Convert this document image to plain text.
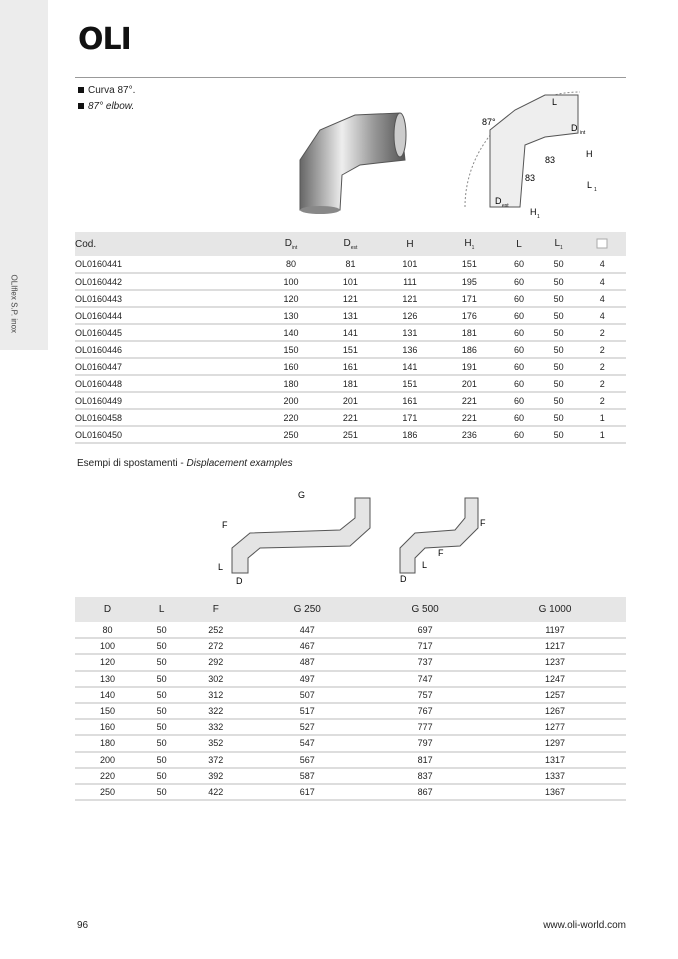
OLIflex S.P. inox
OLI
Curva 87°.
87° elbow.
87°
L
D int
H
83
83
L 1
D est
H 1
Cod.	$D_{int}$	$D_{est}$	H	$H_1$	L	$L_1$	
OL0160441	80	81	101	151	60	50	4
OL0160442	100	101	111	195	60	50	4
OL0160443	120	121	121	171	60	50	4
OL0160444	130	131	126	176	60	50	4
OL0160445	140	141	131	181	60	50	2
OL0160446	150	151	136	186	60	50	2
OL0160447	160	161	141	191	60	50	2
OL0160448	180	181	151	201	60	50	2
OL0160449	200	201	161	221	60	50	2
OL0160458	220	221	171	221	60	50	1
OL0160450	250	251	186	236	60	50	1
Esempi di spostamenti - Displacement examples
G
F
L
D
F
F
L
D
D	L	F	G 250	G 500	G 1000
80	50	252	447	697	1197
100	50	272	467	717	1217
120	50	292	487	737	1237
130	50	302	497	747	1247
140	50	312	507	757	1257
150	50	322	517	767	1267
160	50	332	527	777	1277
180	50	352	547	797	1297
200	50	372	567	817	1317
220	50	392	587	837	1337
250	50	422	617	867	1367
96	www.oli-world.com
